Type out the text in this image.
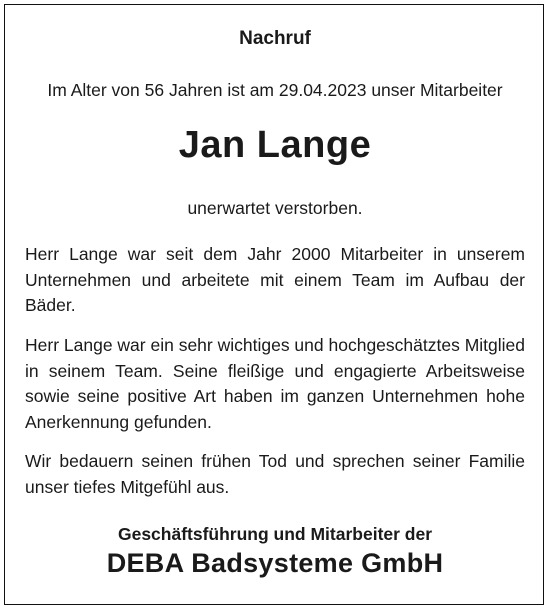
Nachruf
Im Alter von 56 Jahren ist am 29.04.2023 unser Mitarbeiter
Jan Lange
unerwartet verstorben.
Herr Lange war seit dem Jahr 2000 Mitarbeiter in unserem Unternehmen und arbeitete mit einem Team im Aufbau der Bäder.
Herr Lange war ein sehr wichtiges und hochgeschätztes Mitglied in seinem Team. Seine fleißige und engagierte Arbeitsweise sowie seine positive Art haben im ganzen Unternehmen hohe Anerkennung gefunden.
Wir bedauern seinen frühen Tod und sprechen seiner Familie unser tiefes Mitgefühl aus.
Geschäftsführung und Mitarbeiter der
DEBA Badsysteme GmbH
